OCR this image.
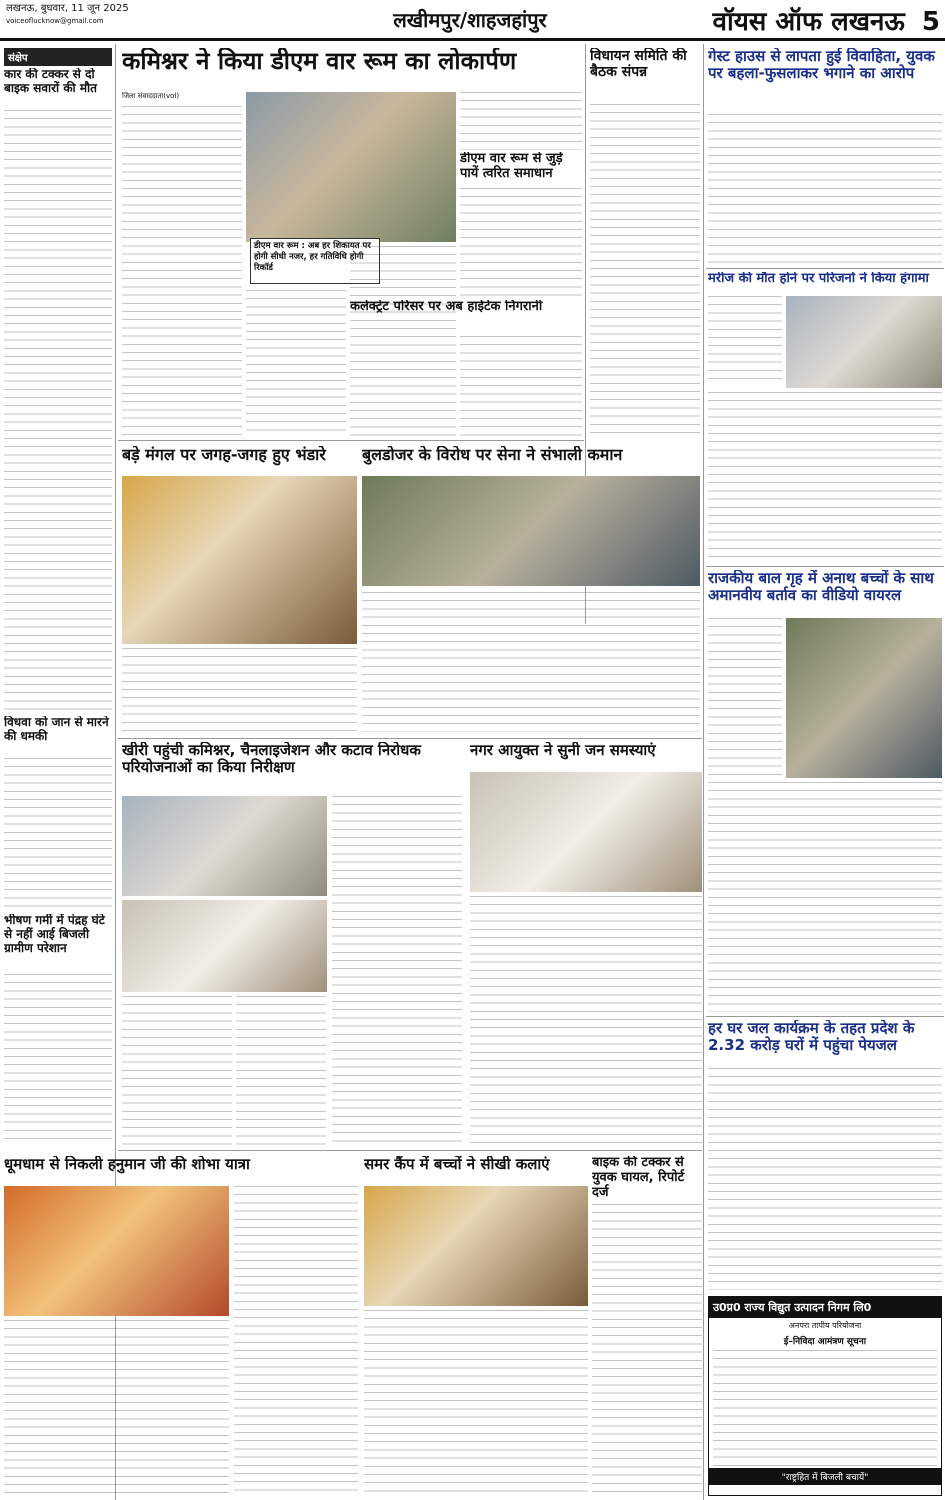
लखनऊ, बुधवार, 11 जून 2025
voiceoflucknow@gmail.com	लखीमपुर/शाहजहांपुर	वॉयस ऑफ लखनऊ 5
संक्षेप
कार की टक्कर से दो बाइक सवारों की मौत
विधवा को जान से मारने की धमकी
भीषण गर्मी में पंद्रह घंटे से नहीं आई बिजली ग्रामीण परेशान
कमिश्नर ने किया डीएम वार रूम का लोकार्पण
जिला संवाददाता(vol)
डीएम वार रूम : अब हर शिकायत पर होगी सीधी नजर, हर गतिविधि होगी रिकॉर्ड
डीएम वार रूम से जुड़ें पायें त्वरित समाधान
कलेक्ट्रेट परिसर पर अब हाईटेक निगरानी
विधायन समिति की बैठक संपन्न
गेस्ट हाउस से लापता हुई विवाहिता, युवक पर बहला-फुसलाकर भगाने का आरोप
मरीज की मौत होने पर परिजनों ने किया हंगामा
राजकीय बाल गृह में अनाथ बच्चों के साथ अमानवीय बर्ताव का वीडियो वायरल
हर घर जल कार्यक्रम के तहत प्रदेश के 2.32 करोड़ घरों में पहुंचा पेयजल
उ0प्र0 राज्य विद्युत उत्पादन निगम लि0
अनपरा तापीय परियोजना
ई–निविदा आमंत्रण सूचना
"राष्ट्रहित में बिजली बचायें"
बड़े मंगल पर जगह-जगह हुए भंडारे	बुलडोजर के विरोध पर सेना ने संभाली कमान
खीरी पहुंची कमिश्नर, चैनलाइजेशन और कटाव निरोधक परियोजनाओं का किया निरीक्षण
नगर आयुक्त ने सुनी जन समस्याएं
धूमधाम से निकली हनुमान जी की शोभा यात्रा	समर कैंप में बच्चों ने सीखी कलाएं	बाइक की टक्कर से युवक घायल, रिपोर्ट दर्ज
